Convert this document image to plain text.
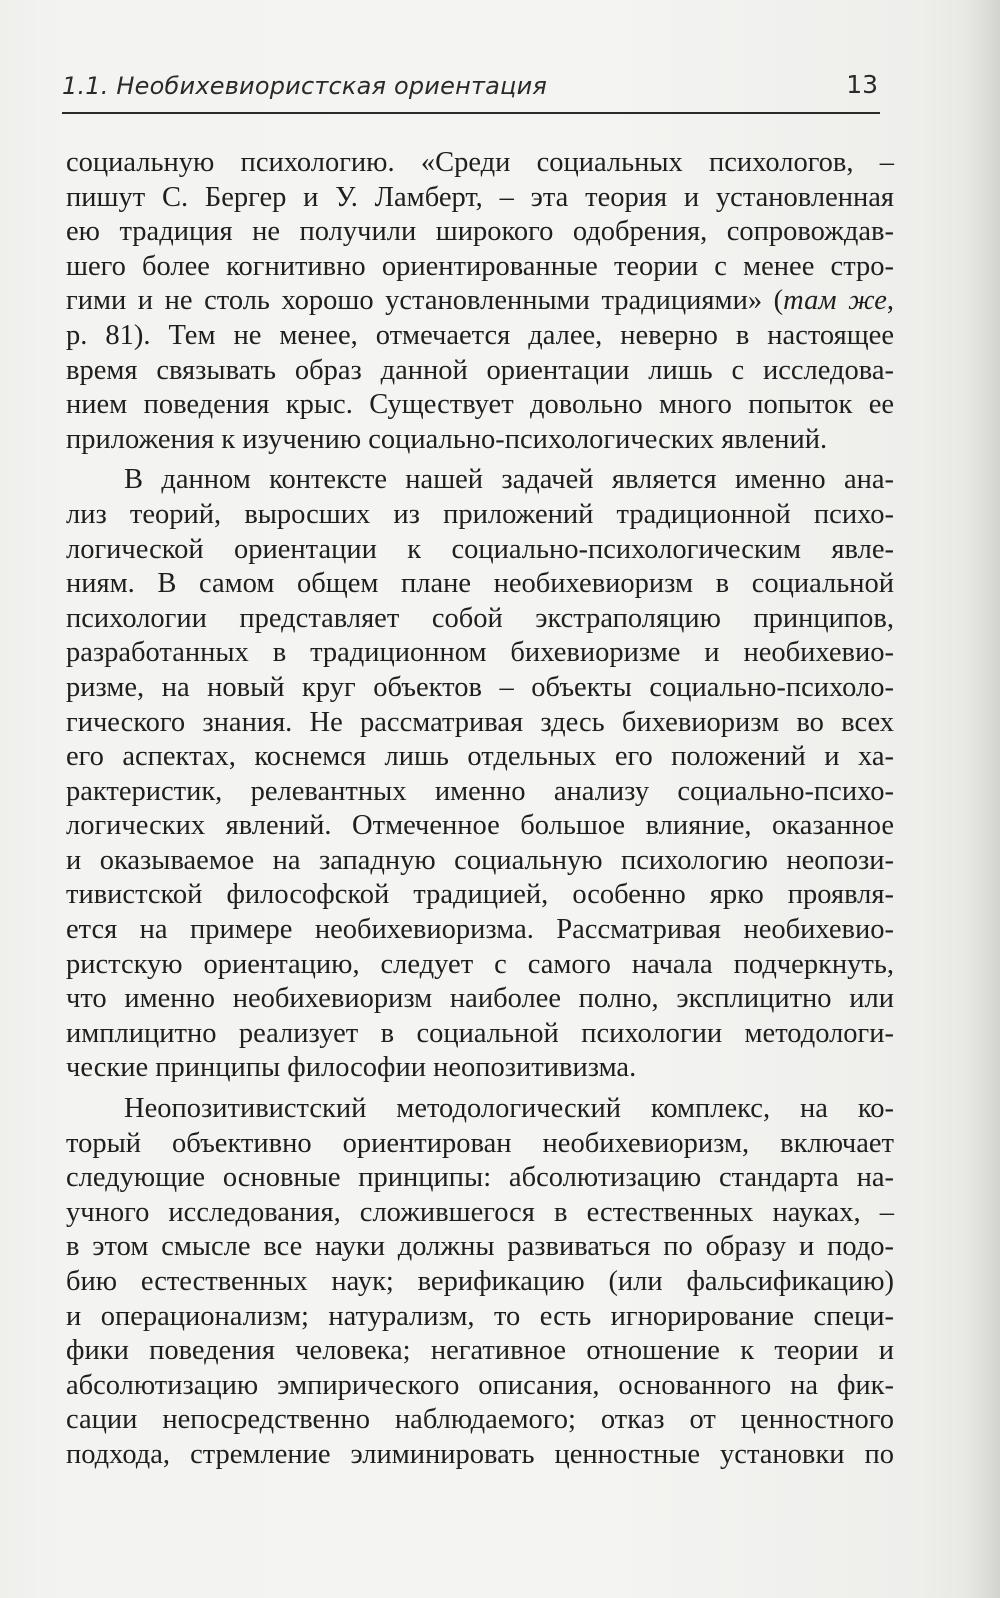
1.1. Необихевиористская ориентация	13
социальную психологию. «Среди социальных психологов, –
пишут С. Бергер и У. Ламберт, – эта теория и установленная
ею традиция не получили широкого одобрения, сопровождав-
шего более когнитивно ориентированные теории с менее стро-
гими и не столь хорошо установленными традициями» (там же,
р. 81). Тем не менее, отмечается далее, неверно в настоящее
время связывать образ данной ориентации лишь с исследова-
нием поведения крыс. Существует довольно много попыток ее
приложения к изучению социально-психологических явлений.
В данном контексте нашей задачей является именно ана-
лиз теорий, выросших из приложений традиционной психо-
логической ориентации к социально-психологическим явле-
ниям. В самом общем плане необихевиоризм в социальной
психологии представляет собой экстраполяцию принципов,
разработанных в традиционном бихевиоризме и необихевио-
ризме, на новый круг объектов – объекты социально-психоло-
гического знания. Не рассматривая здесь бихевиоризм во всех
его аспектах, коснемся лишь отдельных его положений и ха-
рактеристик, релевантных именно анализу социально-психо-
логических явлений. Отмеченное большое влияние, оказанное
и оказываемое на западную социальную психологию неопози-
тивистской философской традицией, особенно ярко проявля-
ется на примере необихевиоризма. Рассматривая необихевио-
ристскую ориентацию, следует с самого начала подчеркнуть,
что именно необихевиоризм наиболее полно, эксплицитно или
имплицитно реализует в социальной психологии методологи-
ческие принципы философии неопозитивизма.
Неопозитивистский методологический комплекс, на ко-
торый объективно ориентирован необихевиоризм, включает
следующие основные принципы: абсолютизацию стандарта на-
учного исследования, сложившегося в естественных науках, –
в этом смысле все науки должны развиваться по образу и подо-
бию естественных наук; верификацию (или фальсификацию)
и операционализм; натурализм, то есть игнорирование специ-
фики поведения человека; негативное отношение к теории и
абсолютизацию эмпирического описания, основанного на фик-
сации непосредственно наблюдаемого; отказ от ценностного
подхода, стремление элиминировать ценностные установки по
